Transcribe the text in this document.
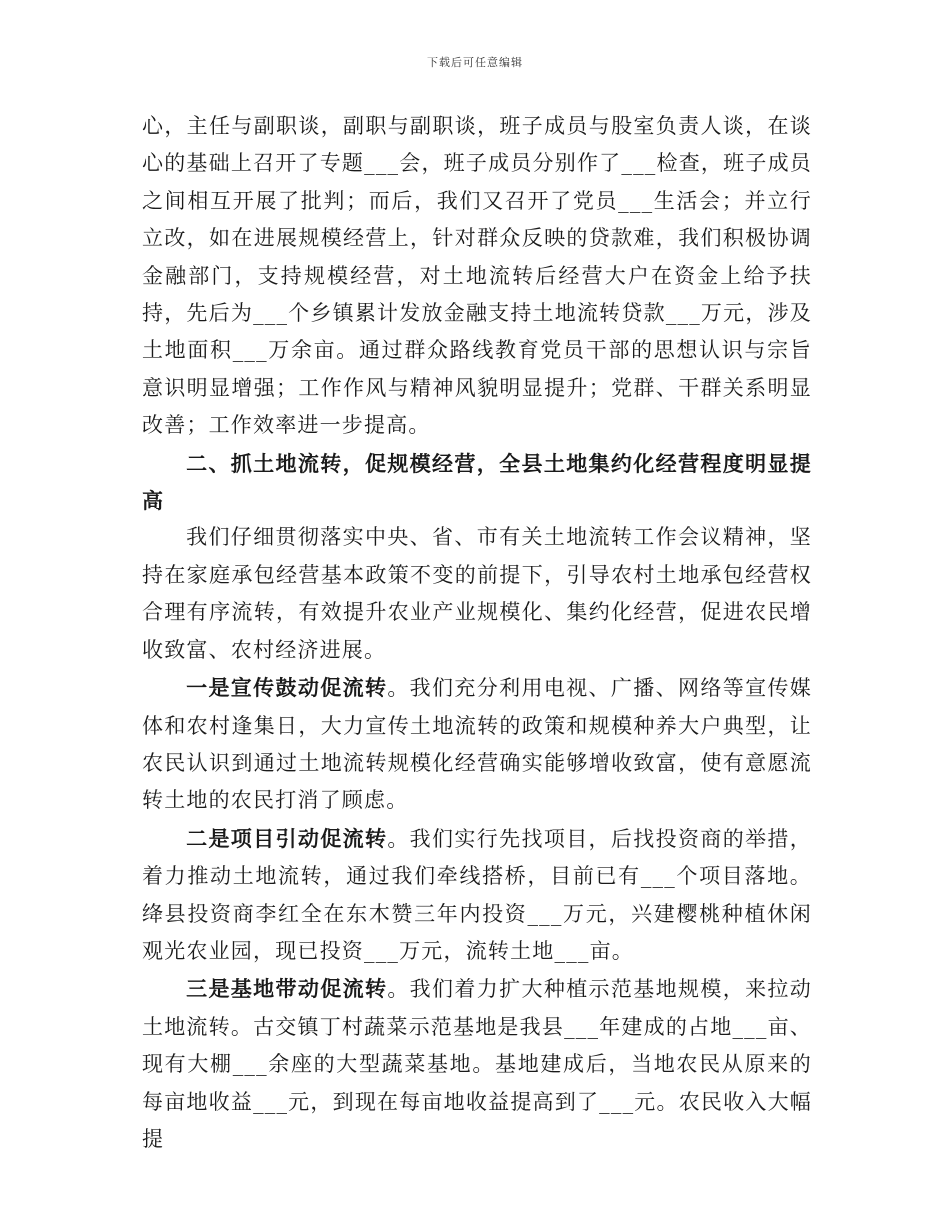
下载后可任意编辑

心，主任与副职谈，副职与副职谈，班子成员与股室负责人谈，在谈心的基础上召开了专题___会，班子成员分别作了___检查，班子成员之间相互开展了批判；而后，我们又召开了党员___生活会；并立行立改，如在进展规模经营上，针对群众反映的贷款难，我们积极协调金融部门，支持规模经营，对土地流转后经营大户在资金上给予扶持，先后为___个乡镇累计发放金融支持土地流转贷款___万元，涉及土地面积___万余亩。通过群众路线教育党员干部的思想认识与宗旨意识明显增强；工作作风与精神风貌明显提升；党群、干群关系明显改善；工作效率进一步提高。

二、抓土地流转，促规模经营，全县土地集约化经营程度明显提高

我们仔细贯彻落实中央、省、市有关土地流转工作会议精神，坚持在家庭承包经营基本政策不变的前提下，引导农村土地承包经营权合理有序流转，有效提升农业产业规模化、集约化经营，促进农民增收致富、农村经济进展。

一是宣传鼓动促流转。我们充分利用电视、广播、网络等宣传媒体和农村逢集日，大力宣传土地流转的政策和规模种养大户典型，让农民认识到通过土地流转规模化经营确实能够增收致富，使有意愿流转土地的农民打消了顾虑。

二是项目引动促流转。我们实行先找项目，后找投资商的举措，着力推动土地流转，通过我们牵线搭桥，目前已有___个项目落地。绛县投资商李红全在东木赞三年内投资___万元，兴建樱桃种植休闲观光农业园，现已投资___万元，流转土地___亩。

三是基地带动促流转。我们着力扩大种植示范基地规模，来拉动土地流转。古交镇丁村蔬菜示范基地是我县___年建成的占地___亩、现有大棚___余座的大型蔬菜基地。基地建成后，当地农民从原来的每亩地收益___元，到现在每亩地收益提高到了___元。农民收入大幅提
